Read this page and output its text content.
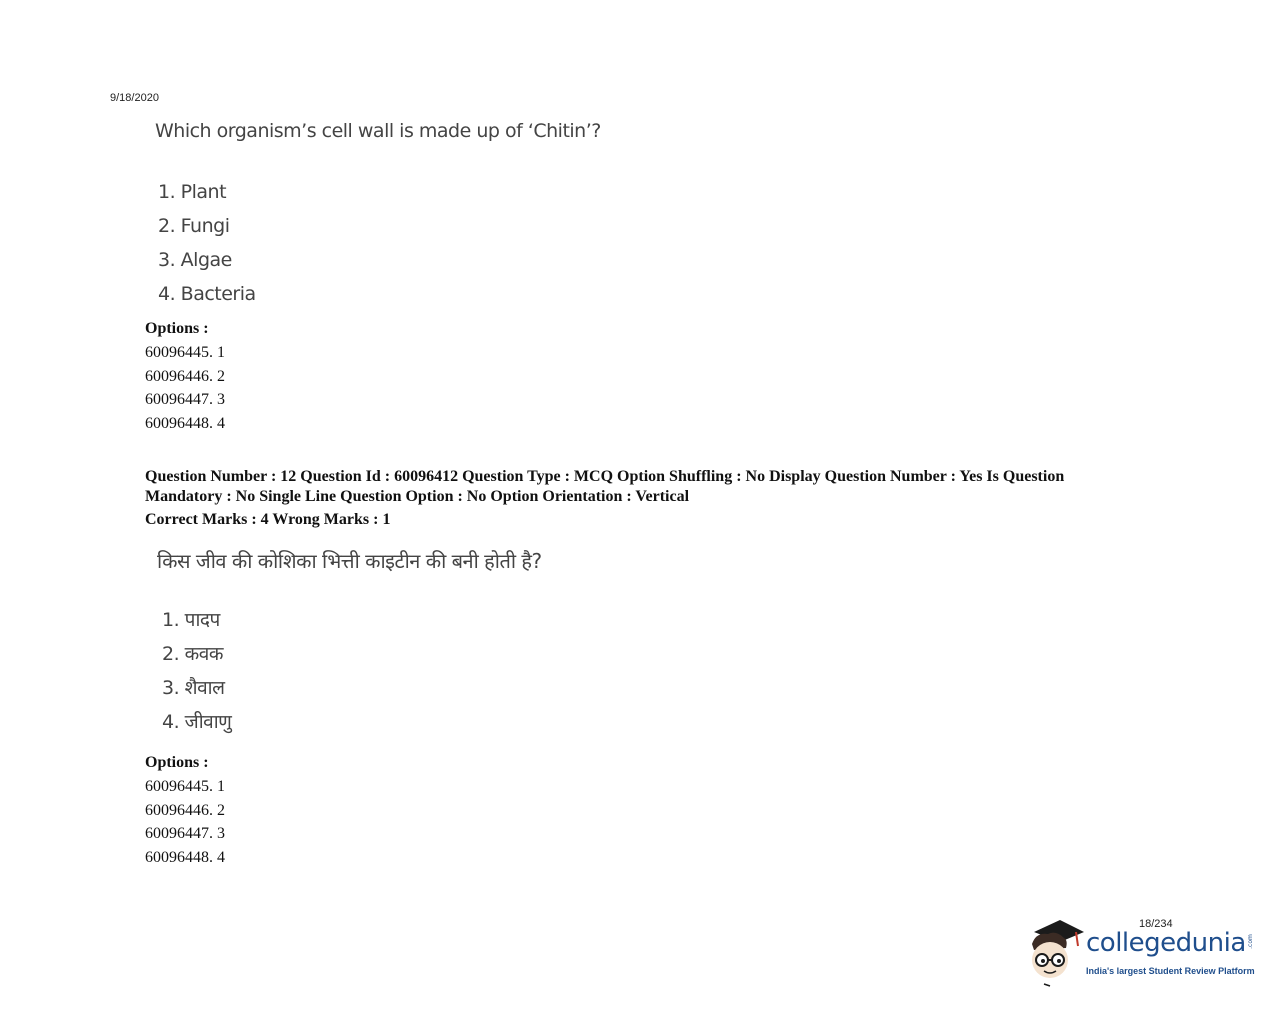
9/18/2020
Which organism’s cell wall is made up of ‘Chitin’?
1. Plant
2. Fungi
3. Algae
4. Bacteria
Options :
60096445. 1
60096446. 2
60096447. 3
60096448. 4
Question Number : 12 Question Id : 60096412 Question Type : MCQ Option Shuffling : No Display Question Number : Yes Is Question Mandatory : No Single Line Question Option : No Option Orientation : Vertical
Correct Marks : 4 Wrong Marks : 1
किस जीव की कोशिका भित्ती काइटीन की बनी होती है?
1. पादप
2. कवक
3. शैवाल
4. जीवाणु
Options :
60096445. 1
60096446. 2
60096447. 3
60096448. 4
18/234
collegedunia .com
India's largest Student Review Platform
